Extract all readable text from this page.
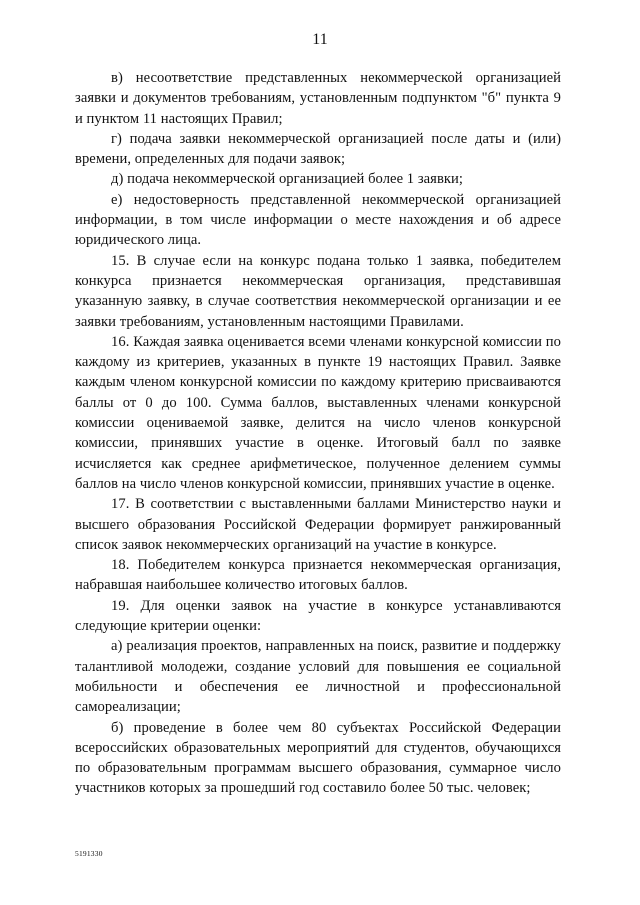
11

в) несоответствие представленных некоммерческой организацией заявки и документов требованиям, установленным подпунктом "б" пункта 9 и пунктом 11 настоящих Правил;

г) подача заявки некоммерческой организацией после даты и (или) времени, определенных для подачи заявок;

д) подача некоммерческой организацией более 1 заявки;

е) недостоверность представленной некоммерческой организацией информации, в том числе информации о месте нахождения и об адресе юридического лица.

15. В случае если на конкурс подана только 1 заявка, победителем конкурса признается некоммерческая организация, представившая указанную заявку, в случае соответствия некоммерческой организации и ее заявки требованиям, установленным настоящими Правилами.

16. Каждая заявка оценивается всеми членами конкурсной комиссии по каждому из критериев, указанных в пункте 19 настоящих Правил. Заявке каждым членом конкурсной комиссии по каждому критерию присваиваются баллы от 0 до 100. Сумма баллов, выставленных членами конкурсной комиссии оцениваемой заявке, делится на число членов конкурсной комиссии, принявших участие в оценке. Итоговый балл по заявке исчисляется как среднее арифметическое, полученное делением суммы баллов на число членов конкурсной комиссии, принявших участие в оценке.

17. В соответствии с выставленными баллами Министерство науки и высшего образования Российской Федерации формирует ранжированный список заявок некоммерческих организаций на участие в конкурсе.

18. Победителем конкурса признается некоммерческая организация, набравшая наибольшее количество итоговых баллов.

19. Для оценки заявок на участие в конкурсе устанавливаются следующие критерии оценки:

а) реализация проектов, направленных на поиск, развитие и поддержку талантливой молодежи, создание условий для повышения ее социальной мобильности и обеспечения ее личностной и профессиональной самореализации;

б) проведение в более чем 80 субъектах Российской Федерации всероссийских образовательных мероприятий для студентов, обучающихся по образовательным программам высшего образования, суммарное число участников которых за прошедший год составило более 50 тыс. человек;

5191330
